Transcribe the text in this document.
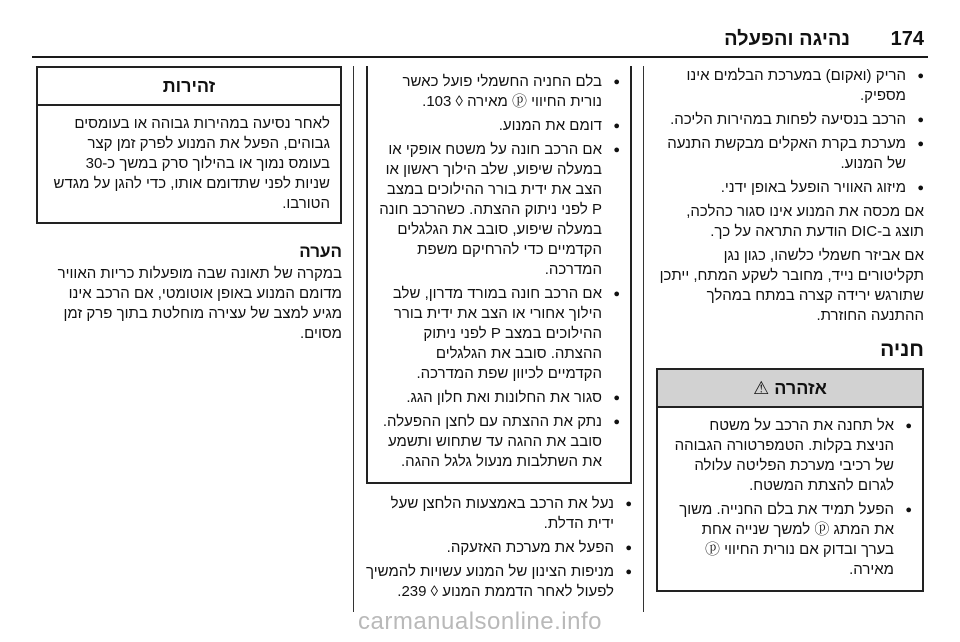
174
נהיגה והפעלה
● הריק (ואקום) במערכת הבלמים אינו מספיק.
● הרכב בנסיעה לפחות במהירות הליכה.
● מערכת בקרת האקלים מבקשת התנעה של המנוע.
● מיזוג האוויר הופעל באופן ידני.

אם מכסה את המנוע אינו סגור כהלכה, תוצג ב-DIC הודעת התראה על כך.

אם אביזר חשמלי כלשהו, כגון נגן תקליטורים נייד, מחובר לשקע המתח, ייתכן שתורגש ירידה קצרה במתח במהלך ההתנעה החוזרת.

חניה
אזהרה ⚠
● אל תחנה את הרכב על משטח הניצת בקלות. הטמפרטורה הגבוהה של רכיבי מערכת הפליטה עלולה לגרום להצתת המשטח.
● הפעל תמיד את בלם החנייה. משוך את המתג ⓟ למשך שנייה אחת בערך ובדוק אם נורית החיווי ⓟ מאירה.
● בלם החניה החשמלי פועל כאשר נורית החיווי ⓟ מאירה ◊ 103.
● דומם את המנוע.
● אם הרכב חונה על משטח אופקי או במעלה שיפוע, שלב הילוך ראשון או הצב את ידית בורר ההילוכים במצב P לפני ניתוק ההצתה. כשהרכב חונה במעלה שיפוע, סובב את הגלגלים הקדמיים כדי להרחיקם משפת המדרכה.
● אם הרכב חונה במורד מדרון, שלב הילוך אחורי או הצב את ידית בורר ההילוכים במצב P לפני ניתוק ההצתה. סובב את הגלגלים הקדמיים לכיוון שפת המדרכה.
● סגור את החלונות ואת חלון הגג.
● נתק את ההצתה עם לחצן ההפעלה. סובב את ההגה עד שתחוש ותשמע את השתלבות מנעול גלגל ההגה.
● נעל את הרכב באמצעות הלחצן שעל ידית הדלת.
● הפעל את מערכת האזעקה.
● מניפות הצינון של המנוע עשויות להמשיך לפעול לאחר הדממת המנוע ◊ 239.
זהירות
לאחר נסיעה במהירות גבוהה או בעומסים גבוהים, הפעל את המנוע לפרק זמן קצר בעומס נמוך או בהילוך סרק במשך כ-30 שניות לפני שתדומם אותו, כדי להגן על מגדש הטורבו.
הערה

במקרה של תאונה שבה מופעלות כריות האוויר מדומם המנוע באופן אוטומטי, אם הרכב אינו מגיע למצב של עצירה מוחלטת בתוך פרק זמן מסוים.

carmanualsonline.info
